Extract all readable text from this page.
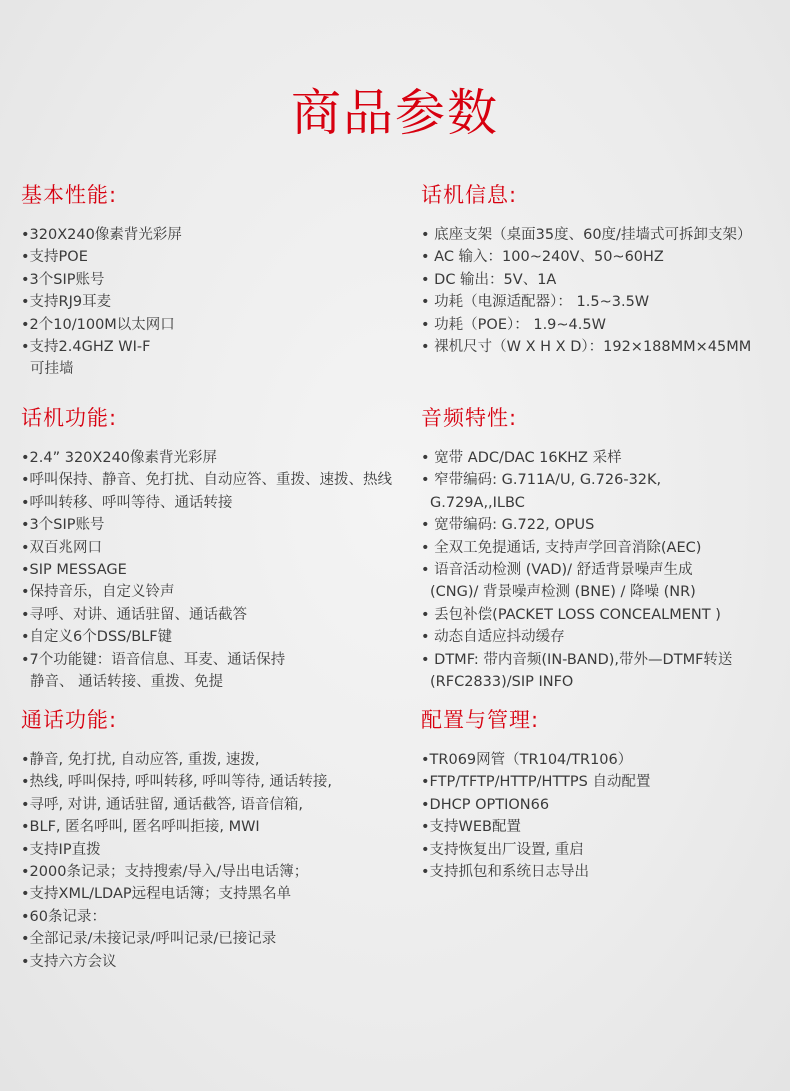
商品参数
基本性能:
•320X240像素背光彩屏
•支持POE
•3个SIP账号
•支持RJ9耳麦
•2个10/100M以太网口
•支持2.4GHZ WI-F
可挂墙
话机信息:
• 底座支架（桌面35度、60度/挂墙式可拆卸支架）
• AC 输入：100~240V、50~60HZ
• DC 输出：5V、1A
• 功耗（电源适配器）： 1.5~3.5W
• 功耗（POE）： 1.9~4.5W
• 裸机尺寸（W X H X D）：192×188MM×45MM
话机功能:
•2.4” 320X240像素背光彩屏
•呼叫保持、静音、免打扰、自动应答、重拨、速拨、热线
•呼叫转移、呼叫等待、通话转接
•3个SIP账号
•双百兆网口
•SIP MESSAGE
•保持音乐，自定义铃声
•寻呼、对讲、通话驻留、通话截答
•自定义6个DSS/BLF键
•7个功能键：语音信息、耳麦、通话保持
静音、 通话转接、重拨、免提
音频特性:
• 宽带 ADC/DAC 16KHZ 采样
• 窄带编码: G.711A/U, G.726-32K,
G.729A,,ILBC
• 宽带编码: G.722, OPUS
• 全双工免提通话, 支持声学回音消除(AEC)
• 语音活动检测 (VAD)/ 舒适背景噪声生成
(CNG)/ 背景噪声检测 (BNE) / 降噪 (NR)
• 丢包补偿(PACKET LOSS CONCEALMENT )
• 动态自适应抖动缓存
• DTMF: 带内音频(IN-BAND),带外—DTMF转送
(RFC2833)/SIP INFO
通话功能:
•静音, 免打扰, 自动应答, 重拨, 速拨,
•热线, 呼叫保持, 呼叫转移, 呼叫等待, 通话转接,
•寻呼, 对讲, 通话驻留, 通话截答, 语音信箱,
•BLF, 匿名呼叫, 匿名呼叫拒接, MWI
•支持IP直拨
•2000条记录；支持搜索/导入/导出电话簿；
•支持XML/LDAP远程电话簿；支持黑名单
•60条记录：
•全部记录/未接记录/呼叫记录/已接记录
•支持六方会议
配置与管理:
•TR069网管（TR104/TR106）
•FTP/TFTP/HTTP/HTTPS 自动配置
•DHCP OPTION66
•支持WEB配置
•支持恢复出厂设置, 重启
•支持抓包和系统日志导出
